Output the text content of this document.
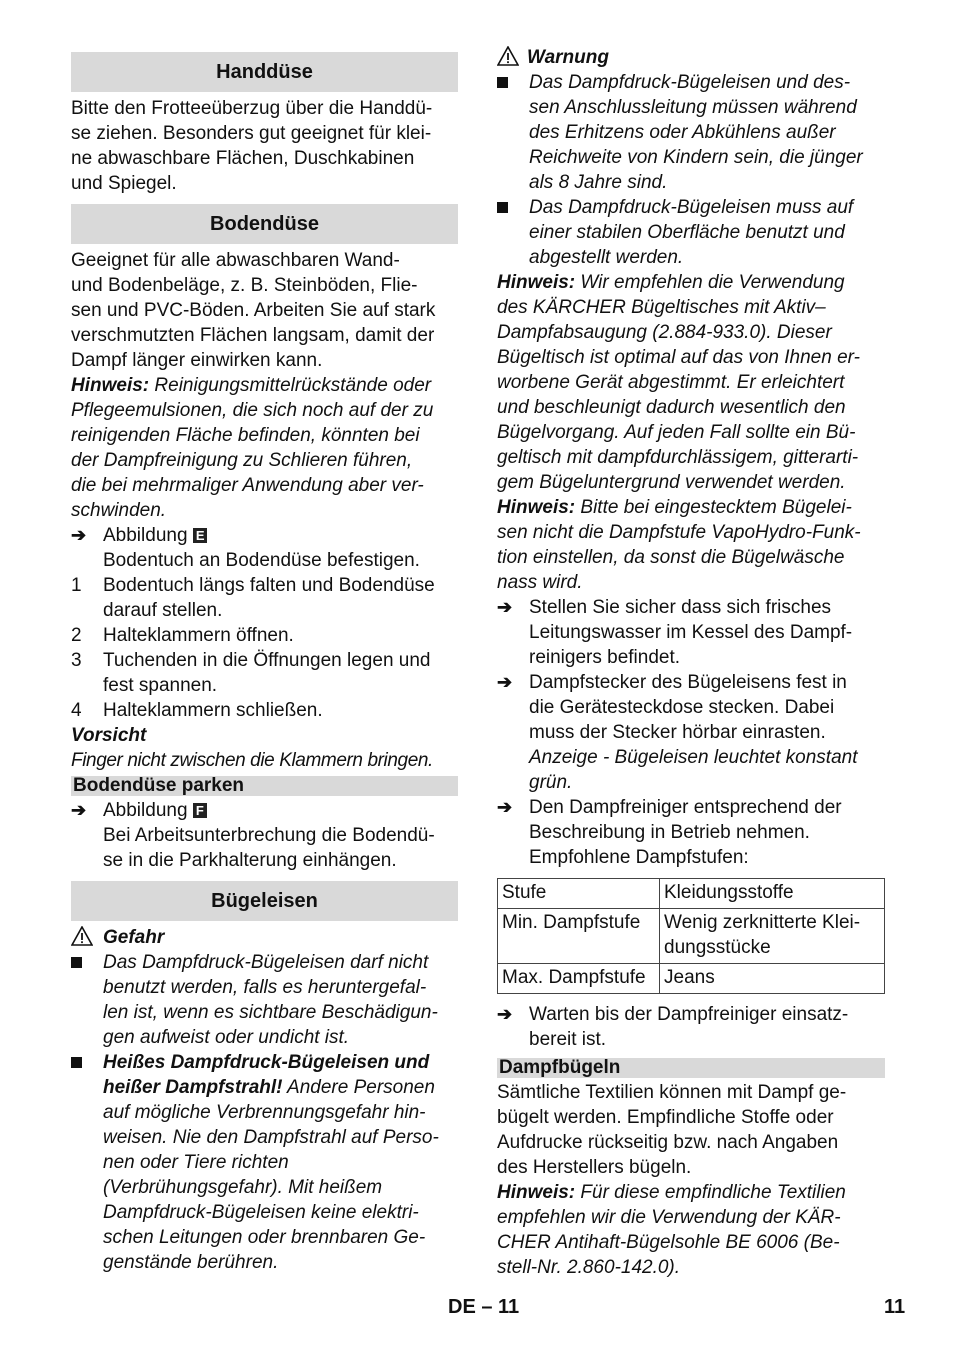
Handdüse

Bitte den Frotteeüberzug über die Handdü-

se ziehen. Besonders gut geeignet für klei-

ne abwaschbare Flächen, Duschkabinen

und Spiegel.

Bodendüse

Geeignet für alle abwaschbaren Wand-

und Bodenbeläge, z. B. Steinböden, Flie-

sen und PVC-Böden. Arbeiten Sie auf stark

verschmutzten Flächen langsam, damit der

Dampf länger einwirken kann.

Hinweis: Reinigungsmittelrückstände oder

Pflegeemulsionen, die sich noch auf der zu

reinigenden Fläche befinden, könnten bei

der Dampfreinigung zu Schlieren führen,

die bei mehrmaliger Anwendung aber ver-

schwinden.

➔ Abbildung E

Bodentuch an Bodendüse befestigen.

1	Bodentuch längs falten und Bodendüse

darauf stellen.

2	Halteklammern öffnen.

3	Tuchenden in die Öffnungen legen und

fest spannen.

4	Halteklammern schließen.

Vorsicht

Finger nicht zwischen die Klammern bringen.

Bodendüse parken
➔ Abbildung F

Bei Arbeitsunterbrechung die Bodendü-

se in die Parkhalterung einhängen.

Bügeleisen

Gefahr

Das Dampfdruck-Bügeleisen darf nicht

benutzt werden, falls es heruntergefal-

len ist, wenn es sichtbare Beschädigun-

gen aufweist oder undicht ist.

Heißes Dampfdruck-Bügeleisen und

heißer Dampfstrahl! Andere Personen

auf mögliche Verbrennungsgefahr hin-

weisen. Nie den Dampfstrahl auf Perso-

nen oder Tiere richten

(Verbrühungsgefahr). Mit heißem

Dampfdruck-Bügeleisen keine elektri-

schen Leitungen oder brennbaren Ge-

genstände berühren.

Warnung

Das Dampfdruck-Bügeleisen und des-

sen Anschlussleitung müssen während

des Erhitzens oder Abkühlens außer

Reichweite von Kindern sein, die jünger

als 8 Jahre sind.

Das Dampfdruck-Bügeleisen muss auf

einer stabilen Oberfläche benutzt und

abgestellt werden.

Hinweis: Wir empfehlen die Verwendung

des KÄRCHER Bügeltisches mit Aktiv–

Dampfabsaugung (2.884-933.0). Dieser

Bügeltisch ist optimal auf das von Ihnen er-

worbene Gerät abgestimmt. Er erleichtert

und beschleunigt dadurch wesentlich den

Bügelvorgang. Auf jeden Fall sollte ein Bü-

geltisch mit dampfdurchlässigem, gitterarti-

gem Bügeluntergrund verwendet werden.

Hinweis: Bitte bei eingestecktem Bügelei-

sen nicht die Dampfstufe VapoHydro-Funk-

tion einstellen, da sonst die Bügelwäsche

nass wird.

➔ Stellen Sie sicher dass sich frisches

Leitungswasser im Kessel des Dampf-

reinigers befindet.

➔ Dampfstecker des Bügeleisens fest in

die Gerätesteckdose stecken. Dabei

muss der Stecker hörbar einrasten.

Anzeige - Bügeleisen leuchtet konstant

grün.

➔ Den Dampfreiniger entsprechend der

Beschreibung in Betrieb nehmen.

Empfohlene Dampfstufen:

Stufe	Kleidungsstoffe
Min. Dampfstufe	Wenig zerknitterte Klei-
dungsstücke
Max. Dampfstufe	Jeans
➔ Warten bis der Dampfreiniger einsatz-

bereit ist.

Dampfbügeln

Sämtliche Textilien können mit Dampf ge-

bügelt werden. Empfindliche Stoffe oder

Aufdrucke rückseitig bzw. nach Angaben

des Herstellers bügeln.

Hinweis: Für diese empfindliche Textilien

empfehlen wir die Verwendung der KÄR-

CHER Antihaft-Bügelsohle BE 6006 (Be-

stell-Nr. 2.860-142.0).

DE – 11	11
